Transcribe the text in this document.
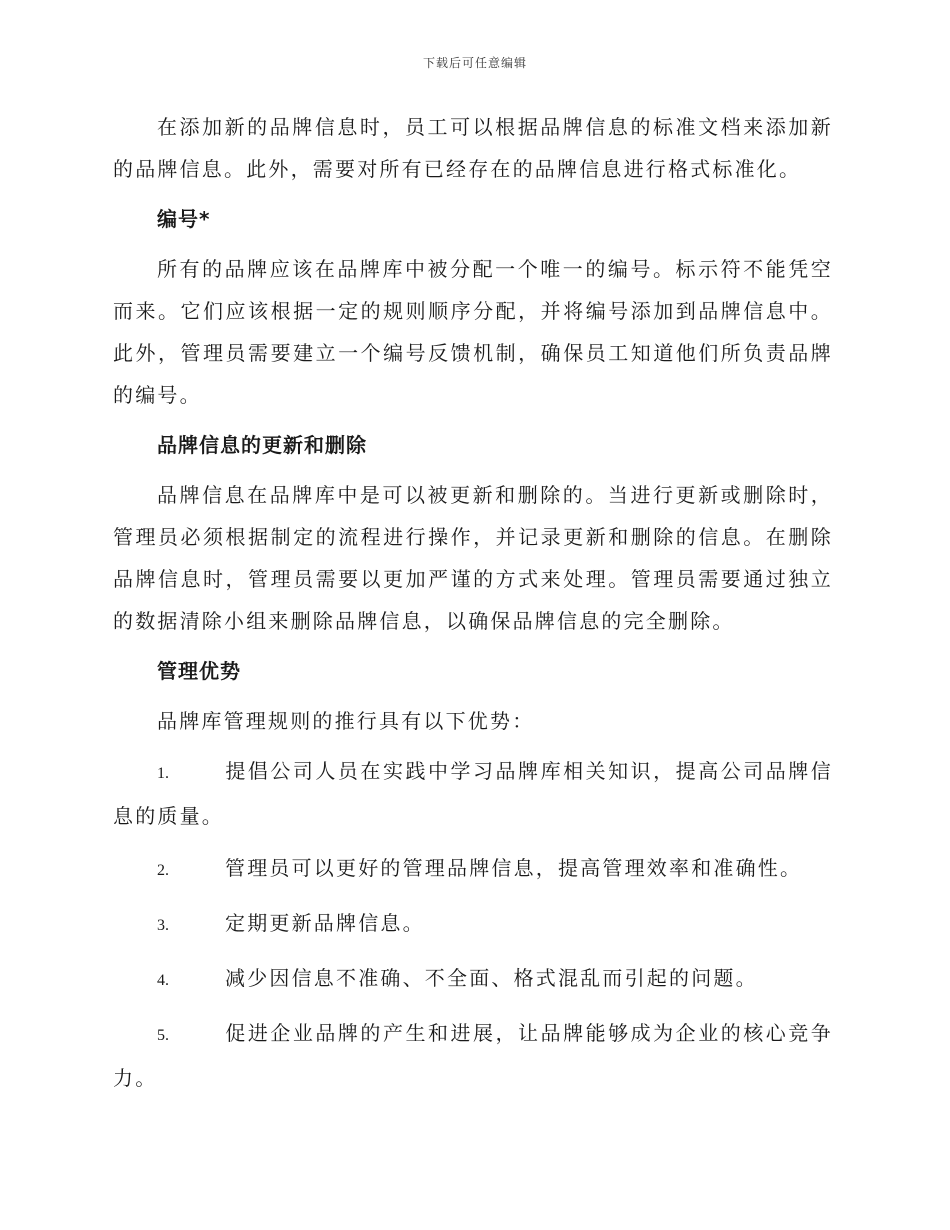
下载后可任意编辑

在添加新的品牌信息时，员工可以根据品牌信息的标准文档来添加新的品牌信息。此外，需要对所有已经存在的品牌信息进行格式标准化。

编号*

所有的品牌应该在品牌库中被分配一个唯一的编号。标示符不能凭空而来。它们应该根据一定的规则顺序分配，并将编号添加到品牌信息中。此外，管理员需要建立一个编号反馈机制，确保员工知道他们所负责品牌的编号。

品牌信息的更新和删除

品牌信息在品牌库中是可以被更新和删除的。当进行更新或删除时，管理员必须根据制定的流程进行操作，并记录更新和删除的信息。在删除品牌信息时，管理员需要以更加严谨的方式来处理。管理员需要通过独立的数据清除小组来删除品牌信息，以确保品牌信息的完全删除。

管理优势

品牌库管理规则的推行具有以下优势：

1.	提倡公司人员在实践中学习品牌库相关知识，提高公司品牌信息的质量。
2.	管理员可以更好的管理品牌信息，提高管理效率和准确性。
3.	定期更新品牌信息。
4.	减少因信息不准确、不全面、格式混乱而引起的问题。
5.	促进企业品牌的产生和进展，让品牌能够成为企业的核心竞争力。
